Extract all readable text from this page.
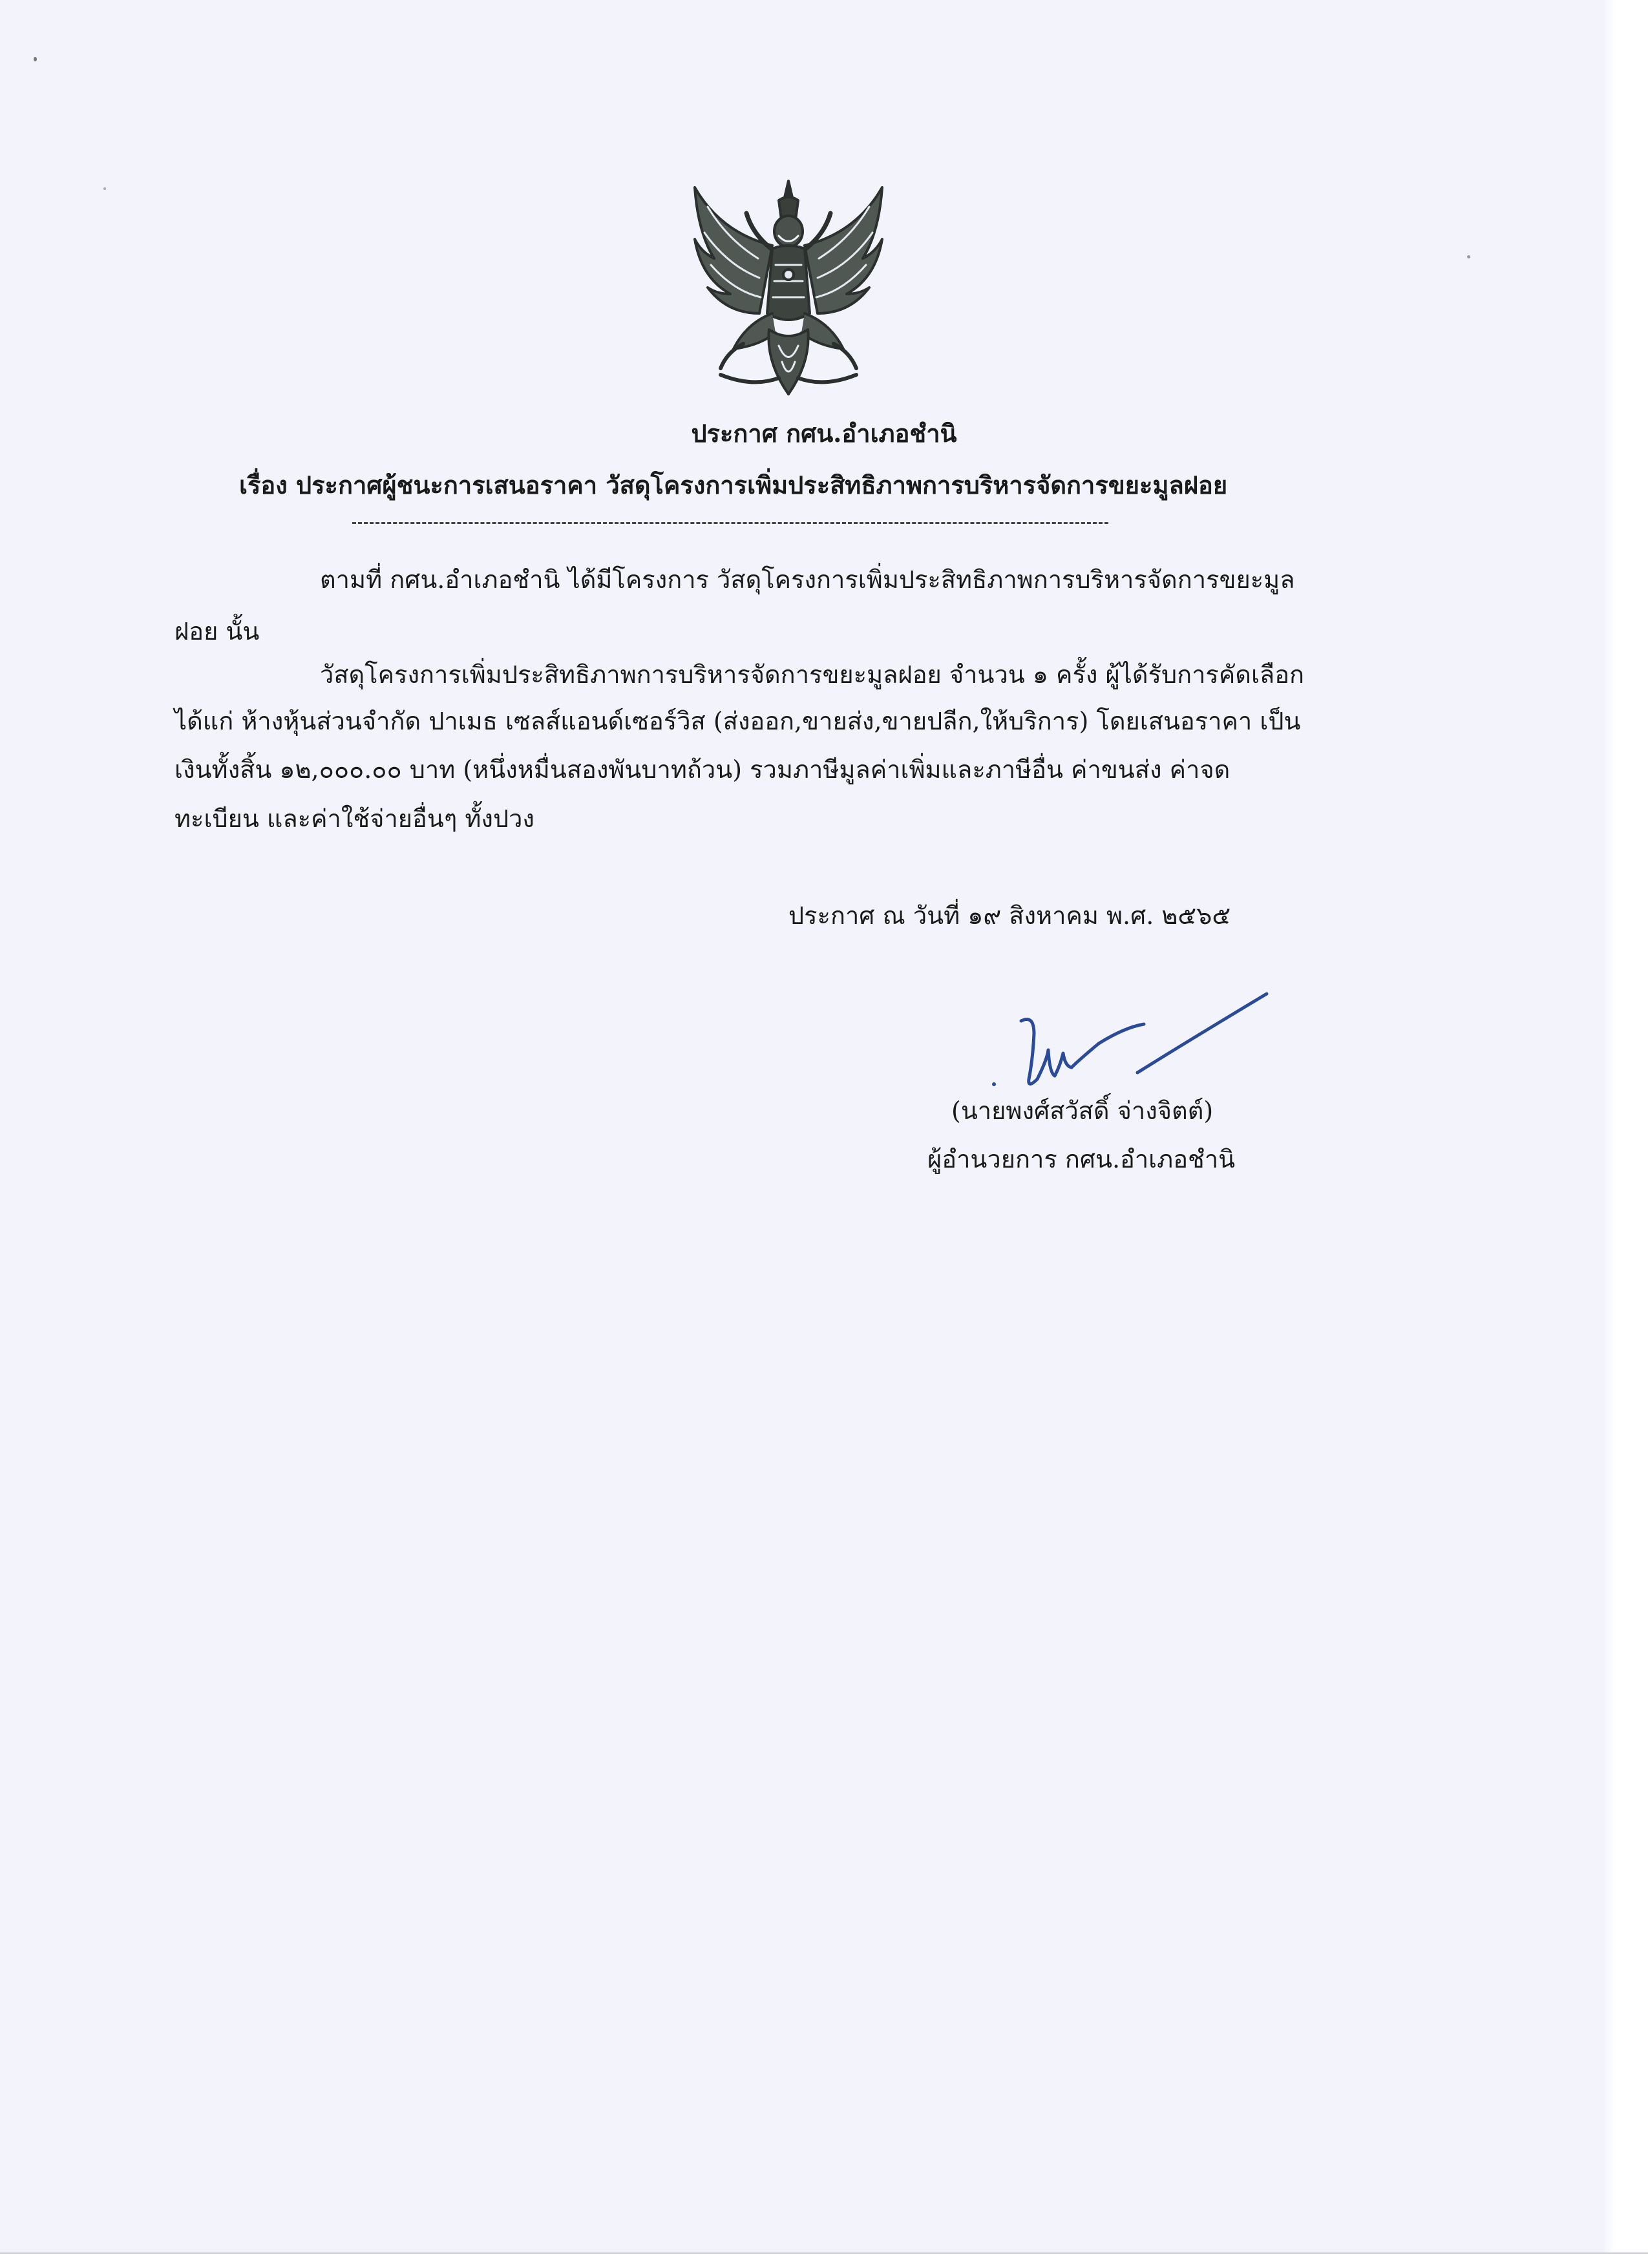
ประกาศ กศน.อำเภอชำนิ
เรื่อง ประกาศผู้ชนะการเสนอราคา วัสดุโครงการเพิ่มประสิทธิภาพการบริหารจัดการขยะมูลฝอย
ตามที่ กศน.อำเภอชำนิ ได้มีโครงการ วัสดุโครงการเพิ่มประสิทธิภาพการบริหารจัดการขยะมูล
ฝอย นั้น
วัสดุโครงการเพิ่มประสิทธิภาพการบริหารจัดการขยะมูลฝอย จำนวน ๑ ครั้ง ผู้ได้รับการคัดเลือก
ได้แก่ ห้างหุ้นส่วนจำกัด ปาเมธ เซลส์แอนด์เซอร์วิส (ส่งออก,ขายส่ง,ขายปลีก,ให้บริการ) โดยเสนอราคา เป็น
เงินทั้งสิ้น ๑๒,๐๐๐.๐๐ บาท (หนึ่งหมื่นสองพันบาทถ้วน) รวมภาษีมูลค่าเพิ่มและภาษีอื่น ค่าขนส่ง ค่าจด
ทะเบียน และค่าใช้จ่ายอื่นๆ ทั้งปวง
ประกาศ ณ วันที่ ๑๙ สิงหาคม พ.ศ. ๒๕๖๕
(นายพงศ์สวัสดิ์ จ่างจิตต์)
ผู้อำนวยการ กศน.อำเภอชำนิ
